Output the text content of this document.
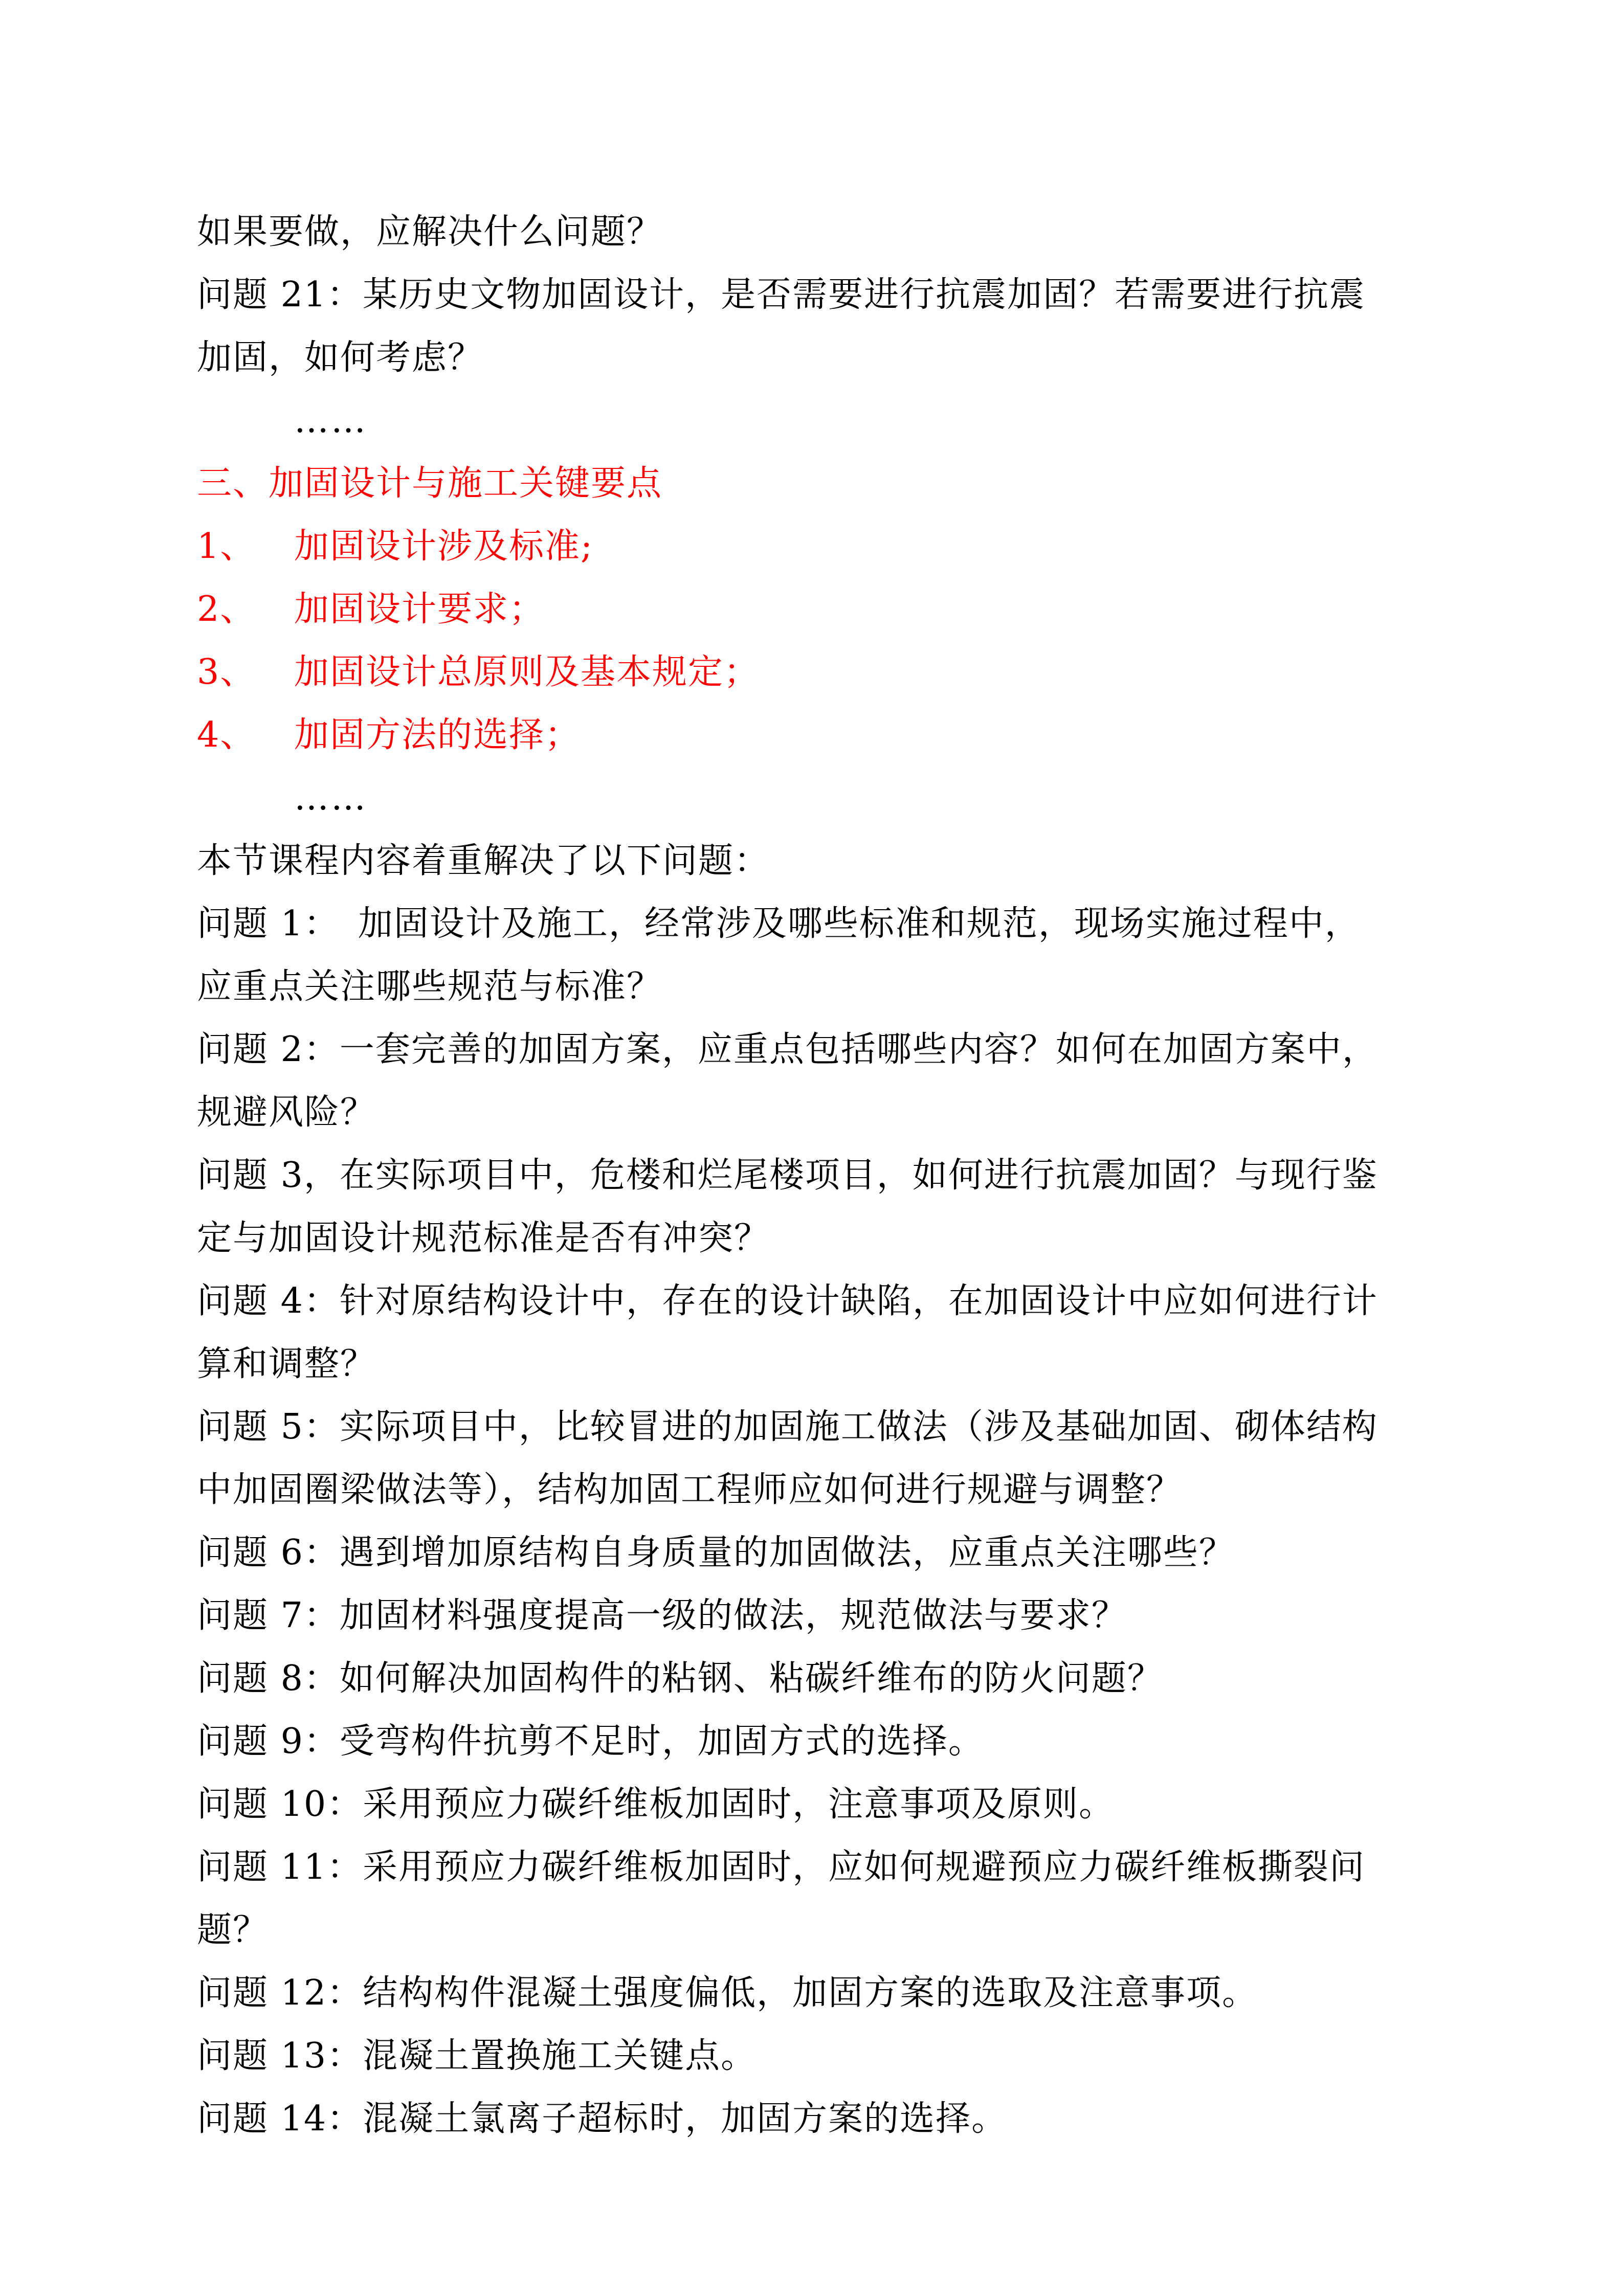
如果要做，应解决什么问题？
问题 21：某历史文物加固设计，是否需要进行抗震加固？若需要进行抗震
加固，如何考虑？
……
三、加固设计与施工关键要点
1、 加固设计涉及标准;
2、 加固设计要求；
3、 加固设计总原则及基本规定；
4、 加固方法的选择；
……
本节课程内容着重解决了以下问题：
问题 1：　加固设计及施工，经常涉及哪些标准和规范，现场实施过程中，
应重点关注哪些规范与标准？
问题 2：一套完善的加固方案，应重点包括哪些内容？如何在加固方案中，
规避风险？
问题 3，在实际项目中，危楼和烂尾楼项目，如何进行抗震加固？与现行鉴
定与加固设计规范标准是否有冲突？
问题 4：针对原结构设计中，存在的设计缺陷，在加固设计中应如何进行计
算和调整？
问题 5：实际项目中，比较冒进的加固施工做法（涉及基础加固、砌体结构
中加固圈梁做法等），结构加固工程师应如何进行规避与调整？
问题 6：遇到增加原结构自身质量的加固做法，应重点关注哪些？
问题 7：加固材料强度提高一级的做法，规范做法与要求？
问题 8：如何解决加固构件的粘钢、粘碳纤维布的防火问题？
问题 9：受弯构件抗剪不足时，加固方式的选择。
问题 10：采用预应力碳纤维板加固时，注意事项及原则。
问题 11：采用预应力碳纤维板加固时，应如何规避预应力碳纤维板撕裂问
题？
问题 12：结构构件混凝土强度偏低，加固方案的选取及注意事项。
问题 13：混凝土置换施工关键点。
问题 14：混凝土氯离子超标时，加固方案的选择。
